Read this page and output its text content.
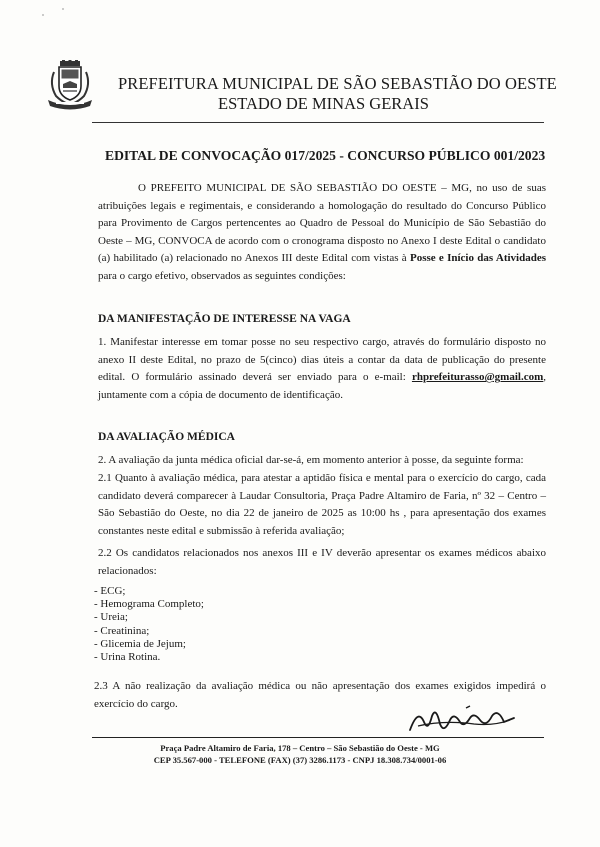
PREFEITURA MUNICIPAL DE SÃO SEBASTIÃO DO OESTE
ESTADO DE MINAS GERAIS
EDITAL DE CONVOCAÇÃO 017/2025 - CONCURSO PÚBLICO 001/2023
O PREFEITO MUNICIPAL DE SÃO SEBASTIÃO DO OESTE – MG, no uso de suas atribuições legais e regimentais, e considerando a homologação do resultado do Concurso Público para Provimento de Cargos pertencentes ao Quadro de Pessoal do Município de São Sebastião do Oeste – MG, CONVOCA de acordo com o cronograma disposto no Anexo I deste Edital o candidato (a) habilitado (a) relacionado no Anexos III deste Edital com vistas à Posse e Início das Atividades para o cargo efetivo, observados as seguintes condições:
DA MANIFESTAÇÃO DE INTERESSE NA VAGA
1. Manifestar interesse em tomar posse no seu respectivo cargo, através do formulário disposto no anexo II deste Edital, no prazo de 5(cinco) dias úteis a contar da data de publicação do presente edital. O formulário assinado deverá ser enviado para o e-mail: rhprefeiturasso@gmail.com, juntamente com a cópia de documento de identificação.
DA AVALIAÇÃO MÉDICA
2. A avaliação da junta médica oficial dar-se-á, em momento anterior à posse, da seguinte forma:
2.1 Quanto à avaliação médica, para atestar a aptidão física e mental para o exercício do cargo, cada candidato deverá comparecer à Laudar Consultoria, Praça Padre Altamiro de Faria, nº 32 – Centro – São Sebastião do Oeste, no dia 22 de janeiro de 2025 as 10:00 hs , para apresentação dos exames constantes neste edital e submissão à referida avaliação;
2.2 Os candidatos relacionados nos anexos III e IV deverão apresentar os exames médicos abaixo relacionados:
- ECG;
- Hemograma Completo;
- Ureia;
- Creatinina;
- Glicemia de Jejum;
- Urina Rotina.
2.3 A não realização da avaliação médica ou não apresentação dos exames exigidos impedirá o exercício do cargo.
Praça Padre Altamiro de Faria, 178 – Centro – São Sebastião do Oeste - MG
CEP 35.567-000 - TELEFONE (FAX) (37) 3286.1173 - CNPJ 18.308.734/0001-06
